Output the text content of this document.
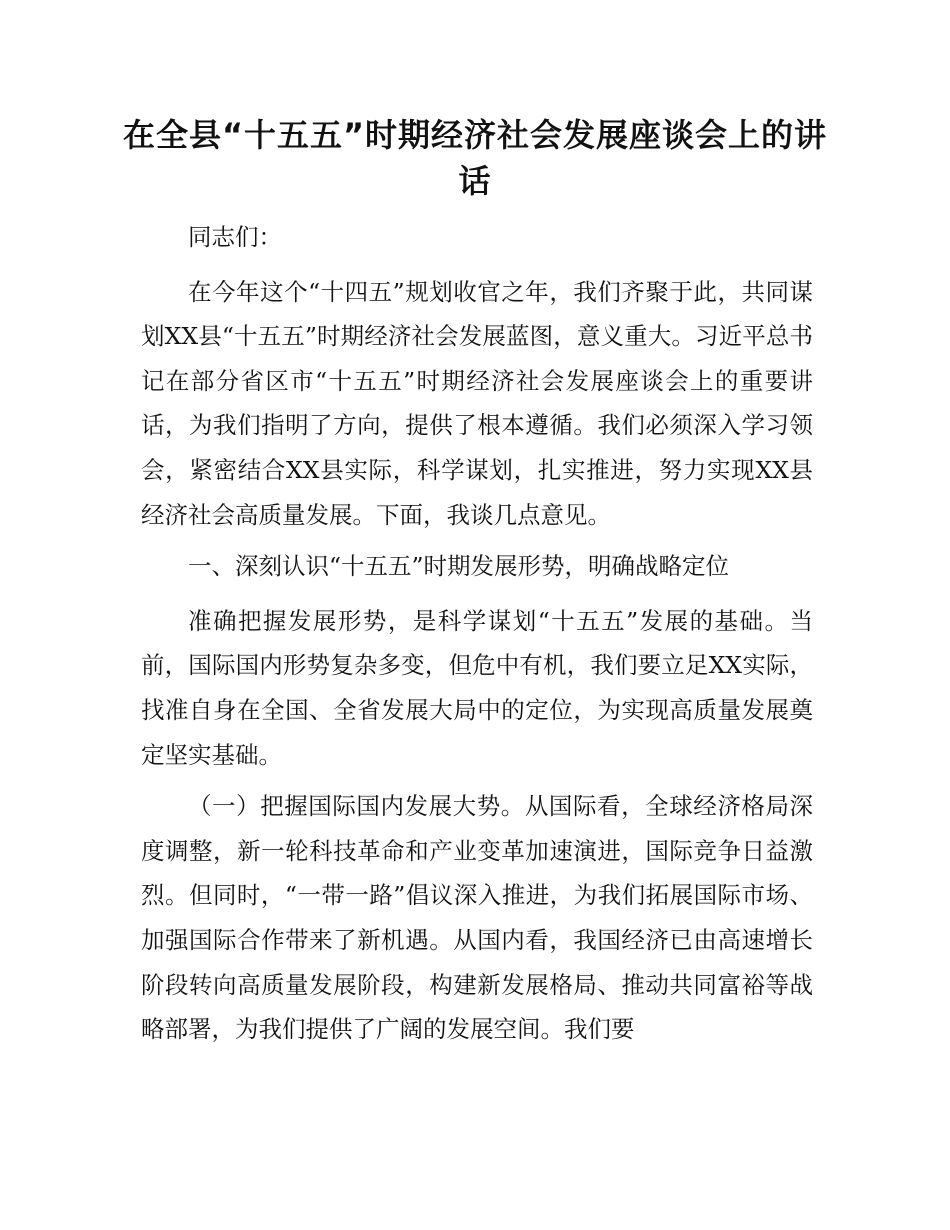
在全县“十五五”时期经济社会发展座谈会上的讲话

同志们：

在今年这个“十四五”规划收官之年，我们齐聚于此，共同谋划XX县“十五五”时期经济社会发展蓝图，意义重大。习近平总书记在部分省区市“十五五”时期经济社会发展座谈会上的重要讲话，为我们指明了方向，提供了根本遵循。我们必须深入学习领会，紧密结合XX县实际，科学谋划，扎实推进，努力实现XX县经济社会高质量发展。下面，我谈几点意见。

一、深刻认识“十五五”时期发展形势，明确战略定位

准确把握发展形势，是科学谋划“十五五”发展的基础。当前，国际国内形势复杂多变，但危中有机，我们要立足XX实际，找准自身在全国、全省发展大局中的定位，为实现高质量发展奠定坚实基础。

（一）把握国际国内发展大势。从国际看，全球经济格局深度调整，新一轮科技革命和产业变革加速演进，国际竞争日益激烈。但同时，“一带一路”倡议深入推进，为我们拓展国际市场、加强国际合作带来了新机遇。从国内看，我国经济已由高速增长阶段转向高质量发展阶段，构建新发展格局、推动共同富裕等战略部署，为我们提供了广阔的发展空间。我们要
